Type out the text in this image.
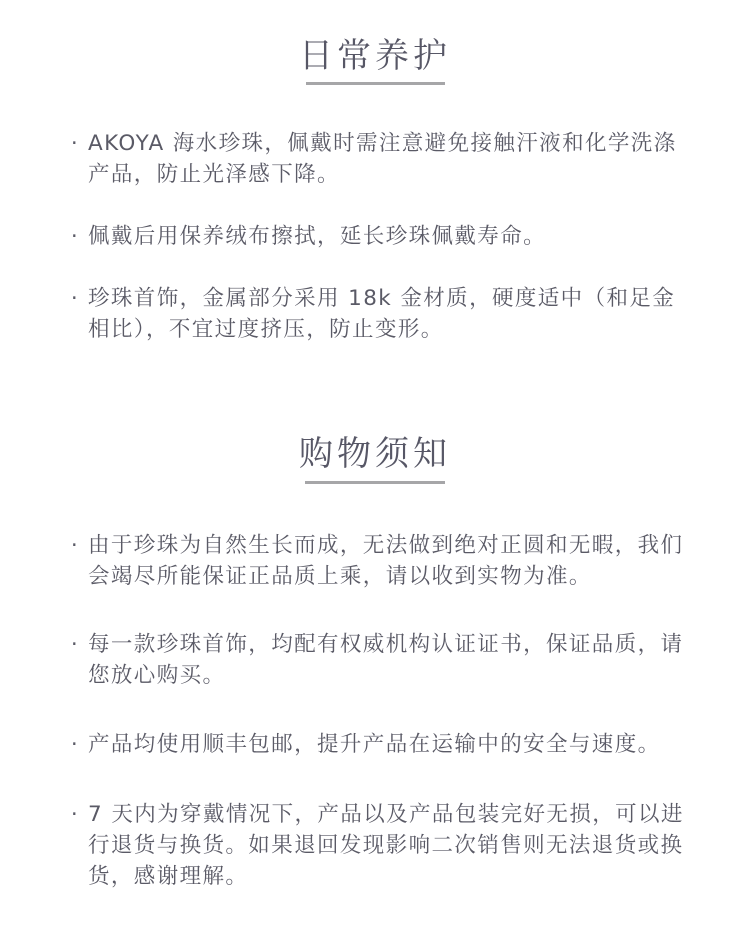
日常养护
· AKOYA 海水珍珠，佩戴时需注意避免接触汗液和化学洗涤产品，防止光泽感下降。
· 佩戴后用保养绒布擦拭，延长珍珠佩戴寿命。
· 珍珠首饰，金属部分采用 18k 金材质，硬度适中（和足金相比），不宜过度挤压，防止变形。
购物须知
· 由于珍珠为自然生长而成，无法做到绝对正圆和无暇，我们会竭尽所能保证正品质上乘，请以收到实物为准。
· 每一款珍珠首饰，均配有权威机构认证证书，保证品质，请您放心购买。
· 产品均使用顺丰包邮，提升产品在运输中的安全与速度。
· 7 天内为穿戴情况下，产品以及产品包装完好无损，可以进行退货与换货。如果退回发现影响二次销售则无法退货或换货，感谢理解。
